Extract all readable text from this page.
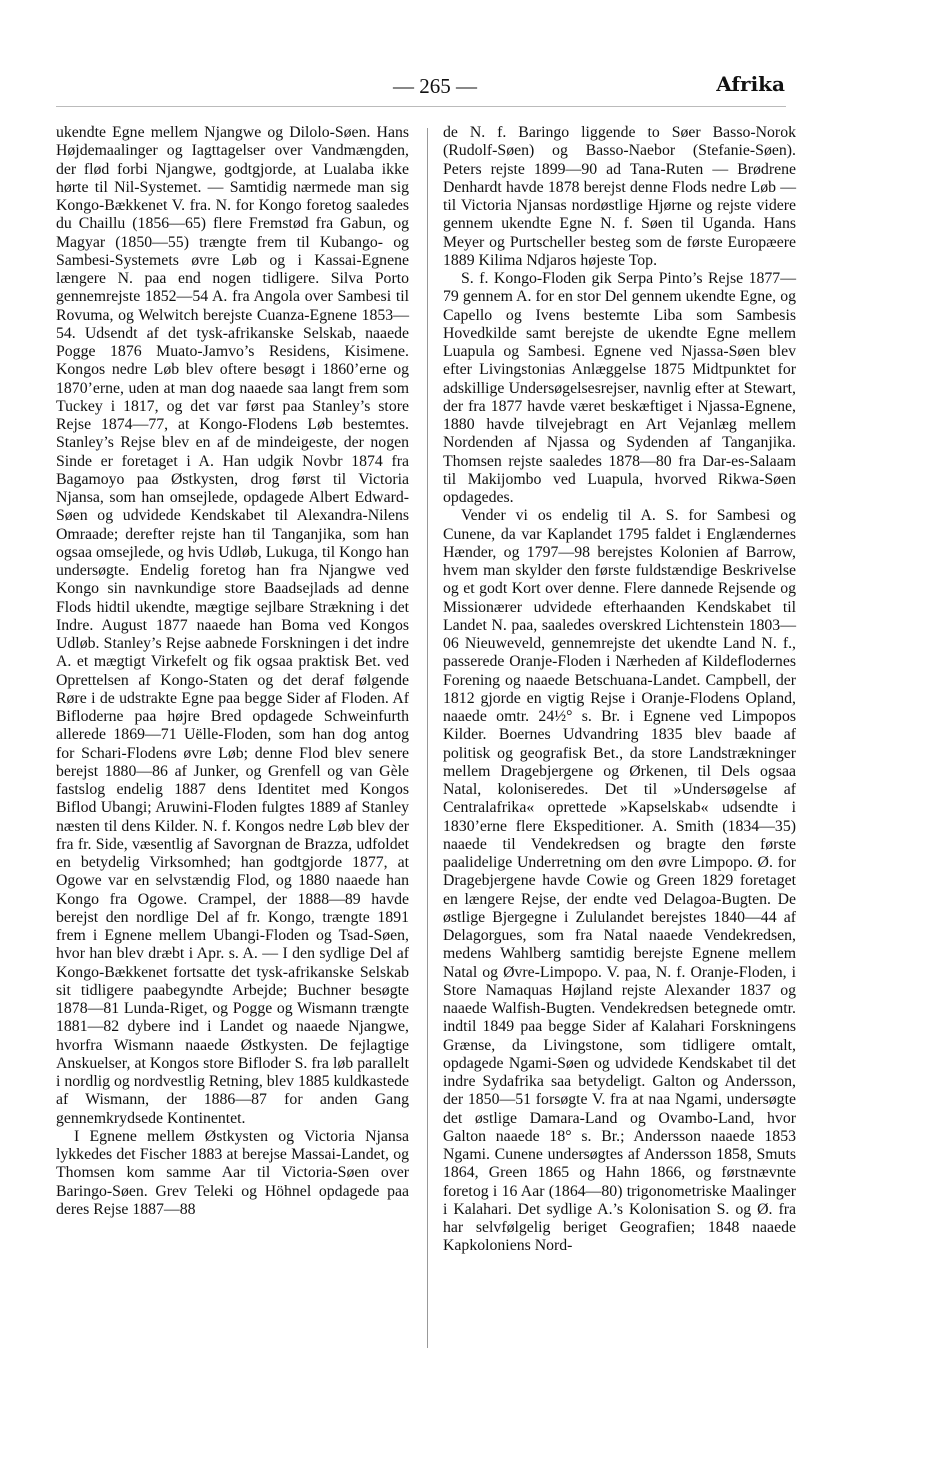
— 265 —	Afrika

ukendte Egne mellem Njangwe og Dilolo-Søen. Hans Højdemaalinger og Iagttagelser over Vandmængden, der flød forbi Njangwe, godtgjorde, at Lualaba ikke hørte til Nil-Systemet. — Samtidig nærmede man sig Kongo-Bækkenet V. fra. N. for Kongo foretog saaledes du Chaillu (1856—65) flere Fremstød fra Gabun, og Magyar (1850—55) trængte frem til Kubango- og Sambesi-Systemets øvre Løb og i Kassai-Egnene længere N. paa end nogen tidligere. Silva Porto gennemrejste 1852—54 A. fra Angola over Sambesi til Rovuma, og Welwitch berejste Cuanza-Egnene 1853—54. Udsendt af det tysk-afrikanske Selskab, naaede Pogge 1876 Muato-Jamvo’s Residens, Kisimene. Kongos nedre Løb blev oftere besøgt i 1860’erne og 1870’erne, uden at man dog naaede saa langt frem som Tuckey i 1817, og det var først paa Stanley’s store Rejse 1874—77, at Kongo-Flodens Løb bestemtes. Stanley’s Rejse blev en af de mindeigeste, der nogen Sinde er foretaget i A. Han udgik Novbr 1874 fra Bagamoyo paa Østkysten, drog først til Victoria Njansa, som han omsejlede, opdagede Albert Edward-Søen og udvidede Kendskabet til Alexandra-Nilens Omraade; derefter rejste han til Tanganjika, som han ogsaa omsejlede, og hvis Udløb, Lukuga, til Kongo han undersøgte. Endelig foretog han fra Njangwe ved Kongo sin navnkundige store Baadsejlads ad denne Flods hidtil ukendte, mægtige sejlbare Strækning i det Indre. August 1877 naaede han Boma ved Kongos Udløb. Stanley’s Rejse aabnede Forskningen i det indre A. et mægtigt Virkefelt og fik ogsaa praktisk Bet. ved Oprettelsen af Kongo-Staten og det deraf følgende Røre i de udstrakte Egne paa begge Sider af Floden. Af Bifloderne paa højre Bred opdagede Schweinfurth allerede 1869—71 Uëlle-Floden, som han dog antog for Schari-Flodens øvre Løb; denne Flod blev senere berejst 1880—86 af Junker, og Grenfell og van Gèle fastslog endelig 1887 dens Identitet med Kongos Biflod Ubangi; Aruwini-Floden fulgtes 1889 af Stanley næsten til dens Kilder. N. f. Kongos nedre Løb blev der fra fr. Side, væsentlig af Savorgnan de Brazza, udfoldet en betydelig Virksomhed; han godtgjorde 1877, at Ogowe var en selvstændig Flod, og 1880 naaede han Kongo fra Ogowe. Crampel, der 1888—89 havde berejst den nordlige Del af fr. Kongo, trængte 1891 frem i Egnene mellem Ubangi-Floden og Tsad-Søen, hvor han blev dræbt i Apr. s. A. — I den sydlige Del af Kongo-Bækkenet fortsatte det tysk-afrikanske Selskab sit tidligere paabegyndte Arbejde; Buchner besøgte 1878—81 Lunda-Riget, og Pogge og Wismann trængte 1881—82 dybere ind i Landet og naaede Njangwe, hvorfra Wismann naaede Østkysten. De fejlagtige Anskuelser, at Kongos store Bifloder S. fra løb parallelt i nordlig og nordvestlig Retning, blev 1885 kuldkastede af Wismann, der 1886—87 for anden Gang gennemkrydsede Kontinentet.

I Egnene mellem Østkysten og Victoria Njansa lykkedes det Fischer 1883 at berejse Massai-Landet, og Thomsen kom samme Aar til Victoria-Søen over Baringo-Søen. Grev Teleki og Höhnel opdagede paa deres Rejse 1887—88

de N. f. Baringo liggende to Søer Basso-Norok (Rudolf-Søen) og Basso-Naebor (Stefanie-Søen). Peters rejste 1899—90 ad Tana-Ruten — Brødrene Denhardt havde 1878 berejst denne Flods nedre Løb — til Victoria Njansas nordøstlige Hjørne og rejste videre gennem ukendte Egne N. f. Søen til Uganda. Hans Meyer og Purtscheller besteg som de første Europæere 1889 Kilima Ndjaros højeste Top.

S. f. Kongo-Floden gik Serpa Pinto’s Rejse 1877—79 gennem A. for en stor Del gennem ukendte Egne, og Capello og Ivens bestemte Liba som Sambesis Hovedkilde samt berejste de ukendte Egne mellem Luapula og Sambesi. Egnene ved Njassa-Søen blev efter Livingstonias Anlæggelse 1875 Midtpunktet for adskillige Undersøgelsesrejser, navnlig efter at Stewart, der fra 1877 havde været beskæftiget i Njassa-Egnene, 1880 havde tilvejebragt en Art Vejanlæg mellem Nordenden af Njassa og Sydenden af Tanganjika. Thomsen rejste saaledes 1878—80 fra Dar-es-Salaam til Makijombo ved Luapula, hvorved Rikwa-Søen opdagedes.

Vender vi os endelig til A. S. for Sambesi og Cunene, da var Kaplandet 1795 faldet i Englændernes Hænder, og 1797—98 berejstes Kolonien af Barrow, hvem man skylder den første fuldstændige Beskrivelse og et godt Kort over denne. Flere dannede Rejsende og Missionærer udvidede efterhaanden Kendskabet til Landet N. paa, saaledes overskred Lichtenstein 1803—06 Nieuweveld, gennemrejste det ukendte Land N. f., passerede Oranje-Floden i Nærheden af Kildeflodernes Forening og naaede Betschuana-Landet. Campbell, der 1812 gjorde en vigtig Rejse i Oranje-Flodens Opland, naaede omtr. 24½° s. Br. i Egnene ved Limpopos Kilder. Boernes Udvandring 1835 blev baade af politisk og geografisk Bet., da store Landstrækninger mellem Dragebjergene og Ørkenen, til Dels ogsaa Natal, koloniseredes. Det til »Undersøgelse af Centralafrika« oprettede »Kapselskab« udsendte i 1830’erne flere Ekspeditioner. A. Smith (1834—35) naaede til Vendekredsen og bragte den første paalidelige Underretning om den øvre Limpopo. Ø. for Dragebjergene havde Cowie og Green 1829 foretaget en længere Rejse, der endte ved Delagoa-Bugten. De østlige Bjergegne i Zululandet berejstes 1840—44 af Delagorgues, som fra Natal naaede Vendekredsen, medens Wahlberg samtidig berejste Egnene mellem Natal og Øvre-Limpopo. V. paa, N. f. Oranje-Floden, i Store Namaquas Højland rejste Alexander 1837 og naaede Walfish-Bugten. Vendekredsen betegnede omtr. indtil 1849 paa begge Sider af Kalahari Forskningens Grænse, da Livingstone, som tidligere omtalt, opdagede Ngami-Søen og udvidede Kendskabet til det indre Sydafrika saa betydeligt. Galton og Andersson, der 1850—51 forsøgte V. fra at naa Ngami, undersøgte det østlige Damara-Land og Ovambo-Land, hvor Galton naaede 18° s. Br.; Andersson naaede 1853 Ngami. Cunene undersøgtes af Andersson 1858, Smuts 1864, Green 1865 og Hahn 1866, og førstnævnte foretog i 16 Aar (1864—80) trigonometriske Maalinger i Kalahari. Det sydlige A.’s Kolonisation S. og Ø. fra har selvfølgelig beriget Geografien; 1848 naaede Kapkoloniens Nord-
